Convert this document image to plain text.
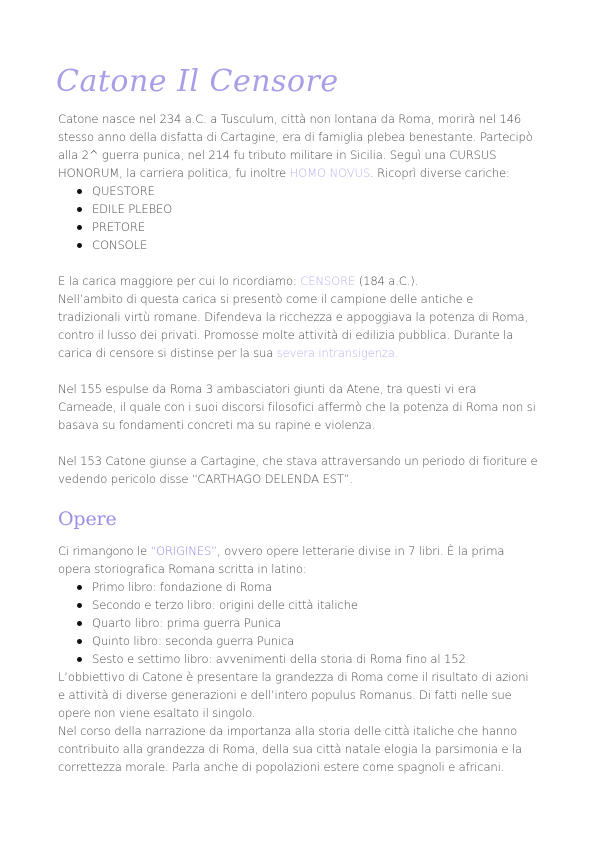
Catone Il Censore

Catone nasce nel 234 a.C. a Tusculum, città non lontana da Roma, morirà nel 146 stesso anno della disfatta di Cartagine, era di famiglia plebea benestante. Partecipò alla 2^ guerra punica, nel 214 fu tributo militare in Sicilia. Seguì una CURSUS HONORUM, la carriera politica, fu inoltre HOMO NOVUS. Ricoprì diverse cariche:

QUESTORE
EDILE PLEBEO
PRETORE
CONSOLE

E la carica maggiore per cui lo ricordiamo: CENSORE (184 a.C.).

Nell’ambito di questa carica si presentò come il campione delle antiche e tradizionali virtù romane. Difendeva la ricchezza e appoggiava la potenza di Roma, contro il lusso dei privati. Promosse molte attività di edilizia pubblica. Durante la carica di censore si distinse per la sua severa intransigenza.

Nel 155 espulse da Roma 3 ambasciatori giunti da Atene, tra questi vi era Carneade, il quale con i suoi discorsi filosofici affermò che la potenza di Roma non si basava su fondamenti concreti ma su rapine e violenza.

Nel 153 Catone giunse a Cartagine, che stava attraversando un periodo di fioriture e vedendo pericolo disse “CARTHAGO DELENDA EST”.

Opere

Ci rimangono le “ORIGINES”, ovvero opere letterarie divise in 7 libri. È la prima opera storiografica Romana scritta in latino:

Primo libro: fondazione di Roma
Secondo e terzo libro: origini delle città italiche
Quarto libro: prima guerra Punica
Quinto libro: seconda guerra Punica
Sesto e settimo libro: avvenimenti della storia di Roma fino al 152

L’obbiettivo di Catone è presentare la grandezza di Roma come il risultato di azioni e attività di diverse generazioni e dell’intero populus Romanus. Di fatti nelle sue opere non viene esaltato il singolo.

Nel corso della narrazione da importanza alla storia delle città italiche che hanno contribuito alla grandezza di Roma, della sua città natale elogia la parsimonia e la correttezza morale. Parla anche di popolazioni estere come spagnoli e africani.
